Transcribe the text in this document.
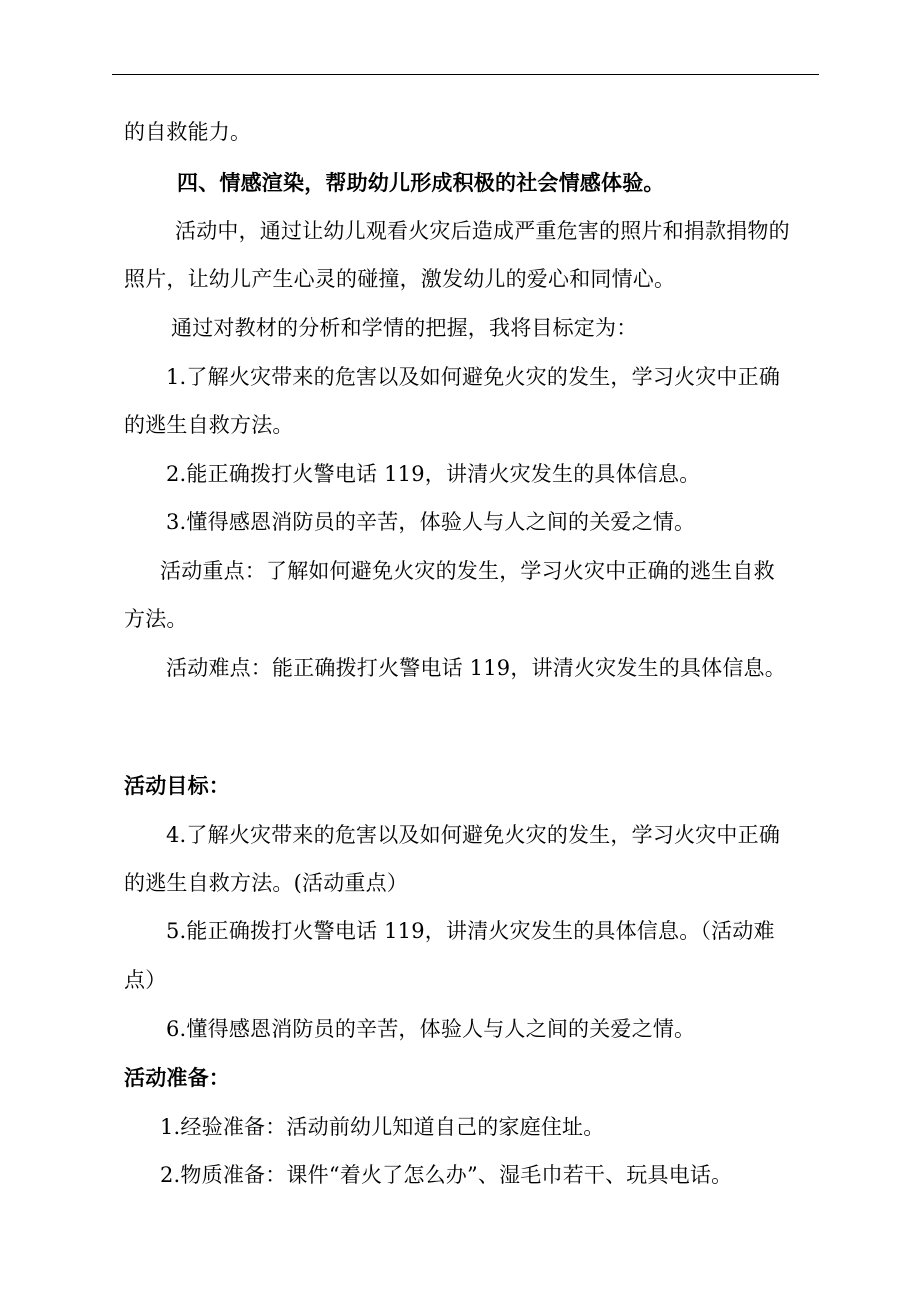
的自救能力。
四、情感渲染，帮助幼儿形成积极的社会情感体验。
活动中，通过让幼儿观看火灾后造成严重危害的照片和捐款捐物的
照片，让幼儿产生心灵的碰撞，激发幼儿的爱心和同情心。
通过对教材的分析和学情的把握，我将目标定为：
1.了解火灾带来的危害以及如何避免火灾的发生，学习火灾中正确
的逃生自救方法。
2.能正确拨打火警电话 119，讲清火灾发生的具体信息。
3.懂得感恩消防员的辛苦，体验人与人之间的关爱之情。
活动重点：了解如何避免火灾的发生，学习火灾中正确的逃生自救
方法。
活动难点：能正确拨打火警电话 119，讲清火灾发生的具体信息。
活动目标：
4.了解火灾带来的危害以及如何避免火灾的发生，学习火灾中正确
的逃生自救方法。(活动重点）
5.能正确拨打火警电话 119，讲清火灾发生的具体信息。（活动难
点）
6.懂得感恩消防员的辛苦，体验人与人之间的关爱之情。
活动准备：
1.经验准备：活动前幼儿知道自己的家庭住址。
2.物质准备：课件“着火了怎么办”、湿毛巾若干、玩具电话。
